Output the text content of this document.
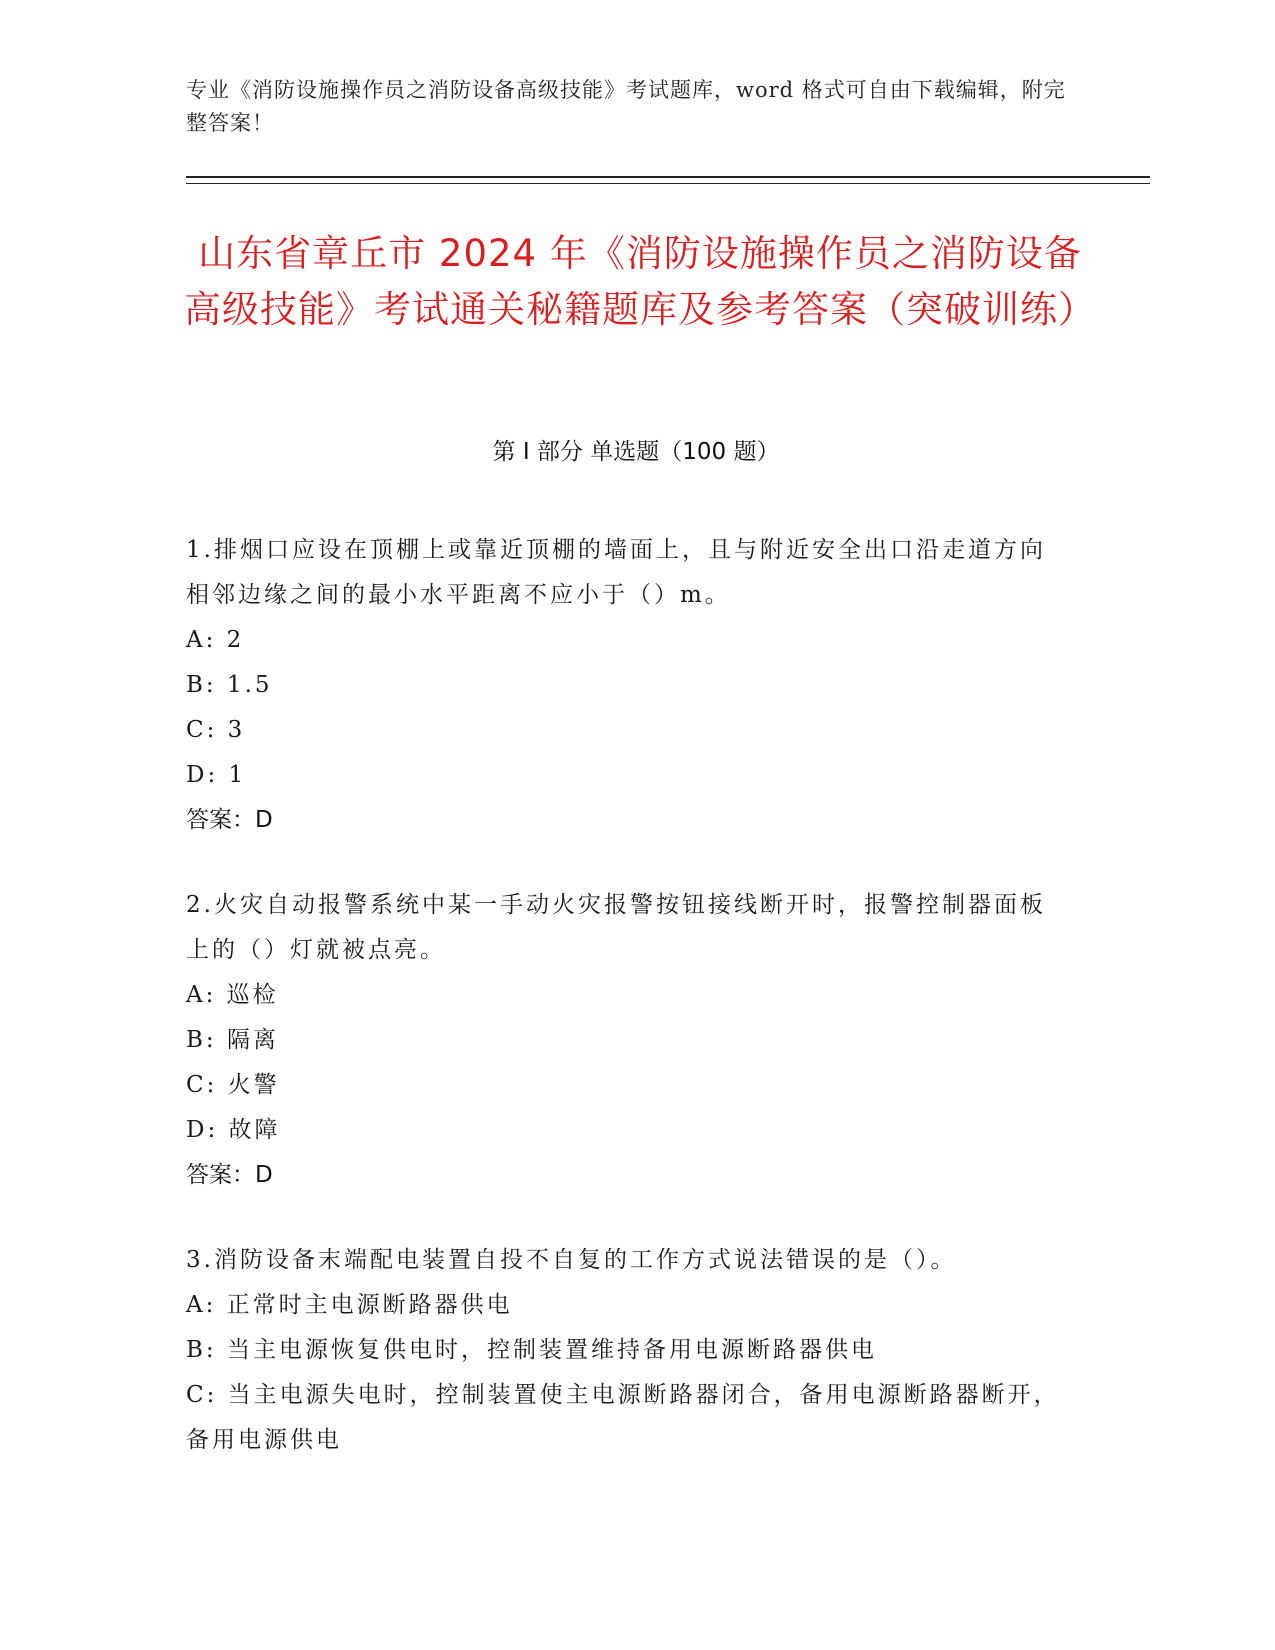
专业《消防设施操作员之消防设备高级技能》考试题库，word 格式可自由下载编辑，附完整答案！
山东省章丘市 2024 年《消防设施操作员之消防设备高级技能》考试通关秘籍题库及参考答案（突破训练）
第 I 部分 单选题（100 题）
1.排烟口应设在顶棚上或靠近顶棚的墙面上，且与附近安全出口沿走道方向相邻边缘之间的最小水平距离不应小于（）m。
A: 2
B: 1.5
C: 3
D: 1
答案：D
2.火灾自动报警系统中某一手动火灾报警按钮接线断开时，报警控制器面板上的（）灯就被点亮。
A: 巡检
B: 隔离
C: 火警
D: 故障
答案：D
3.消防设备末端配电装置自投不自复的工作方式说法错误的是（）。
A: 正常时主电源断路器供电
B: 当主电源恢复供电时，控制装置维持备用电源断路器供电
C: 当主电源失电时，控制装置使主电源断路器闭合，备用电源断路器断开，备用电源供电
